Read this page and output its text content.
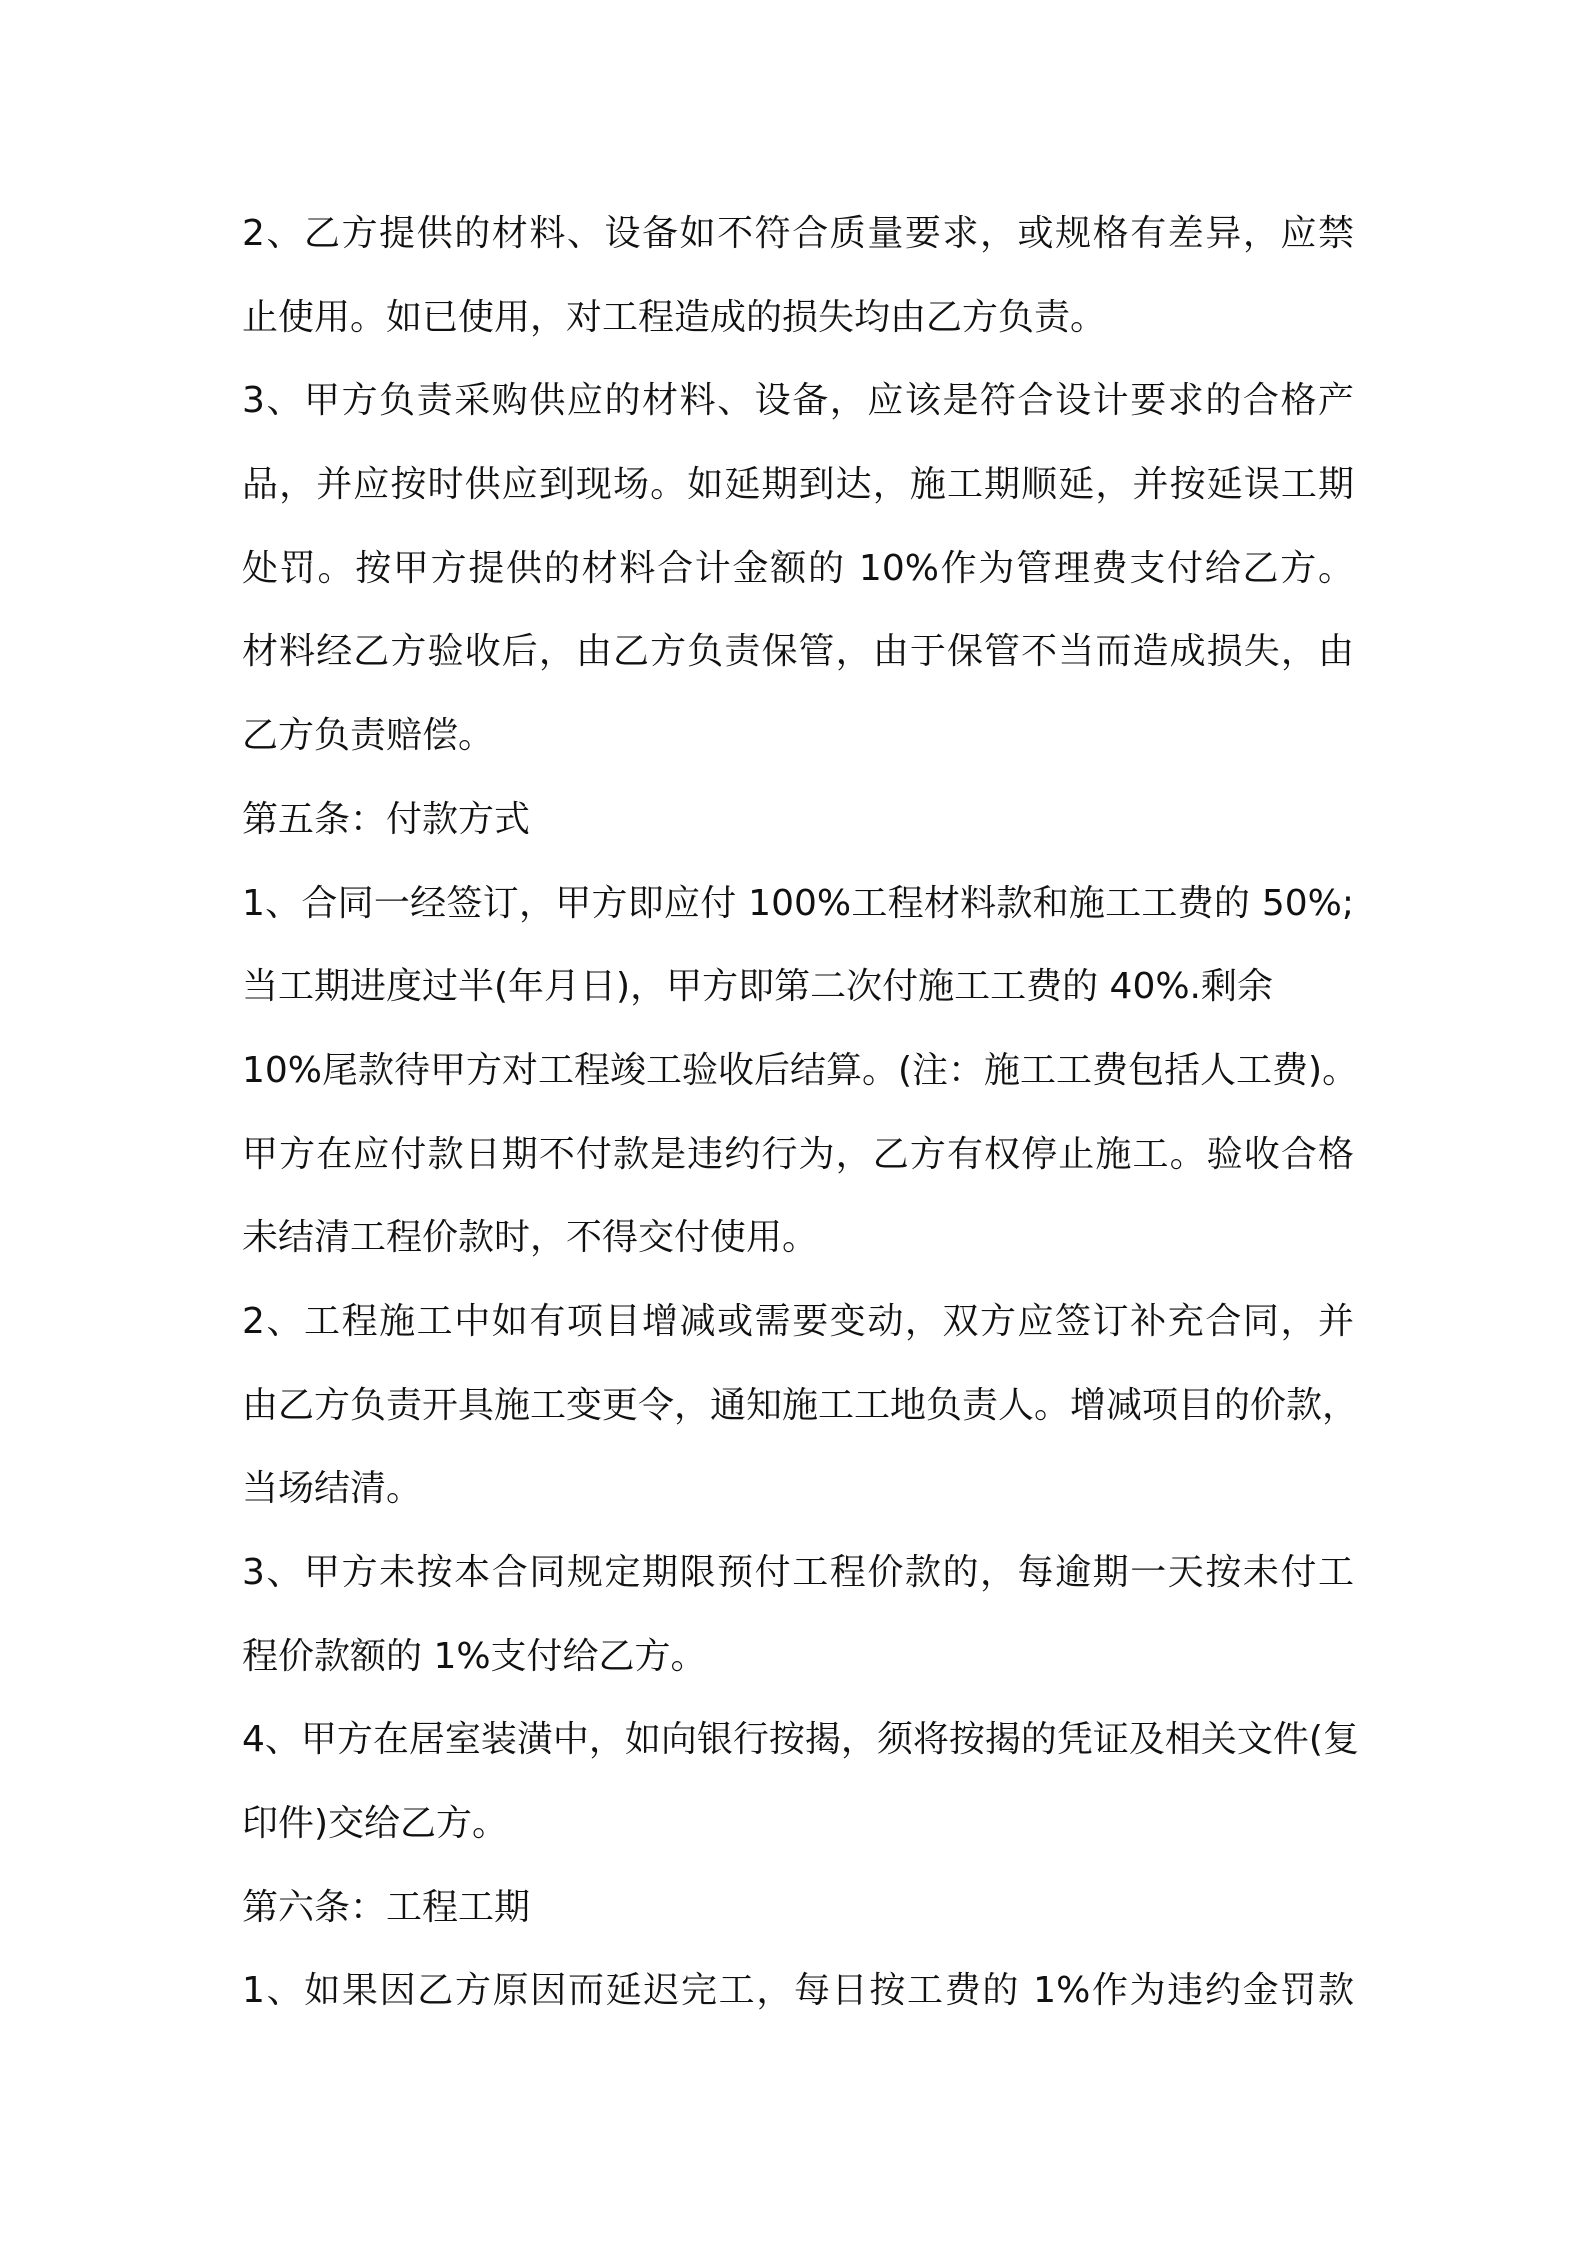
2、乙方提供的材料、设备如不符合质量要求，或规格有差异，应禁
止使用。如已使用，对工程造成的损失均由乙方负责。
3、甲方负责采购供应的材料、设备，应该是符合设计要求的合格产
品，并应按时供应到现场。如延期到达，施工期顺延，并按延误工期
处罚。按甲方提供的材料合计金额的 10%作为管理费支付给乙方。
材料经乙方验收后，由乙方负责保管，由于保管不当而造成损失，由
乙方负责赔偿。
第五条：付款方式
1、合同一经签订，甲方即应付 100%工程材料款和施工工费的 50%;
当工期进度过半(年月日)，甲方即第二次付施工工费的 40%.剩余
10%尾款待甲方对工程竣工验收后结算。(注：施工工费包括人工费)。
甲方在应付款日期不付款是违约行为，乙方有权停止施工。验收合格
未结清工程价款时，不得交付使用。
2、工程施工中如有项目增减或需要变动，双方应签订补充合同，并
由乙方负责开具施工变更令，通知施工工地负责人。增减项目的价款，
当场结清。
3、甲方未按本合同规定期限预付工程价款的，每逾期一天按未付工
程价款额的 1%支付给乙方。
4、甲方在居室装潢中，如向银行按揭，须将按揭的凭证及相关文件(复
印件)交给乙方。
第六条：工程工期
1、如果因乙方原因而延迟完工，每日按工费的 1%作为违约金罚款
